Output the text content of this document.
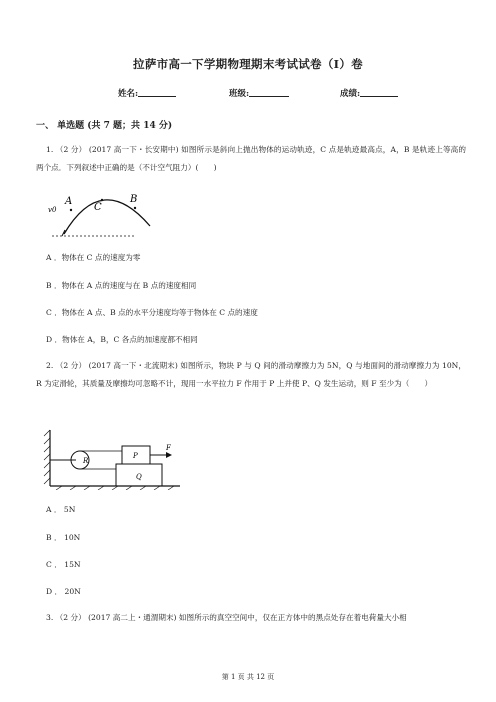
拉萨市高一下学期物理期末考试试卷（I）卷
姓名:	班级:	成绩:
一、 单选题 (共 7 题；共 14 分)
1. （2 分） (2017 高一下・长安期中) 如图所示是斜向上抛出物体的运动轨迹，C 点是轨迹最高点，A，B 是轨迹上等高的两个点．下列叙述中正确的是（不计空气阻力）(　　)
v0
A
C
B
A ．物体在 C 点的速度为零
B ．物体在 A 点的速度与在 B 点的速度相同
C ．物体在 A 点、B 点的水平分速度均等于物体在 C 点的速度
D ．物体在 A，B，C 各点的加速度都不相同
2. （2 分） (2017 高一下・北流期末) 如图所示，物块 P 与 Q 间的滑动摩擦力为 5N，Q 与地面间的滑动摩擦力为 10N，R 为定滑轮，其质量及摩擦均可忽略不计，现用一水平拉力 F 作用于 P 上并使 P、Q 发生运动，则 F 至少为（　　）
R
Q
P
F
A ． 5N
B ． 10N
C ． 15N
D ． 20N
3. （2 分） (2017 高二上・通渭期末) 如图所示的真空空间中，仅在正方体中的黑点处存在着电荷量大小相
第 1 页 共 12 页
